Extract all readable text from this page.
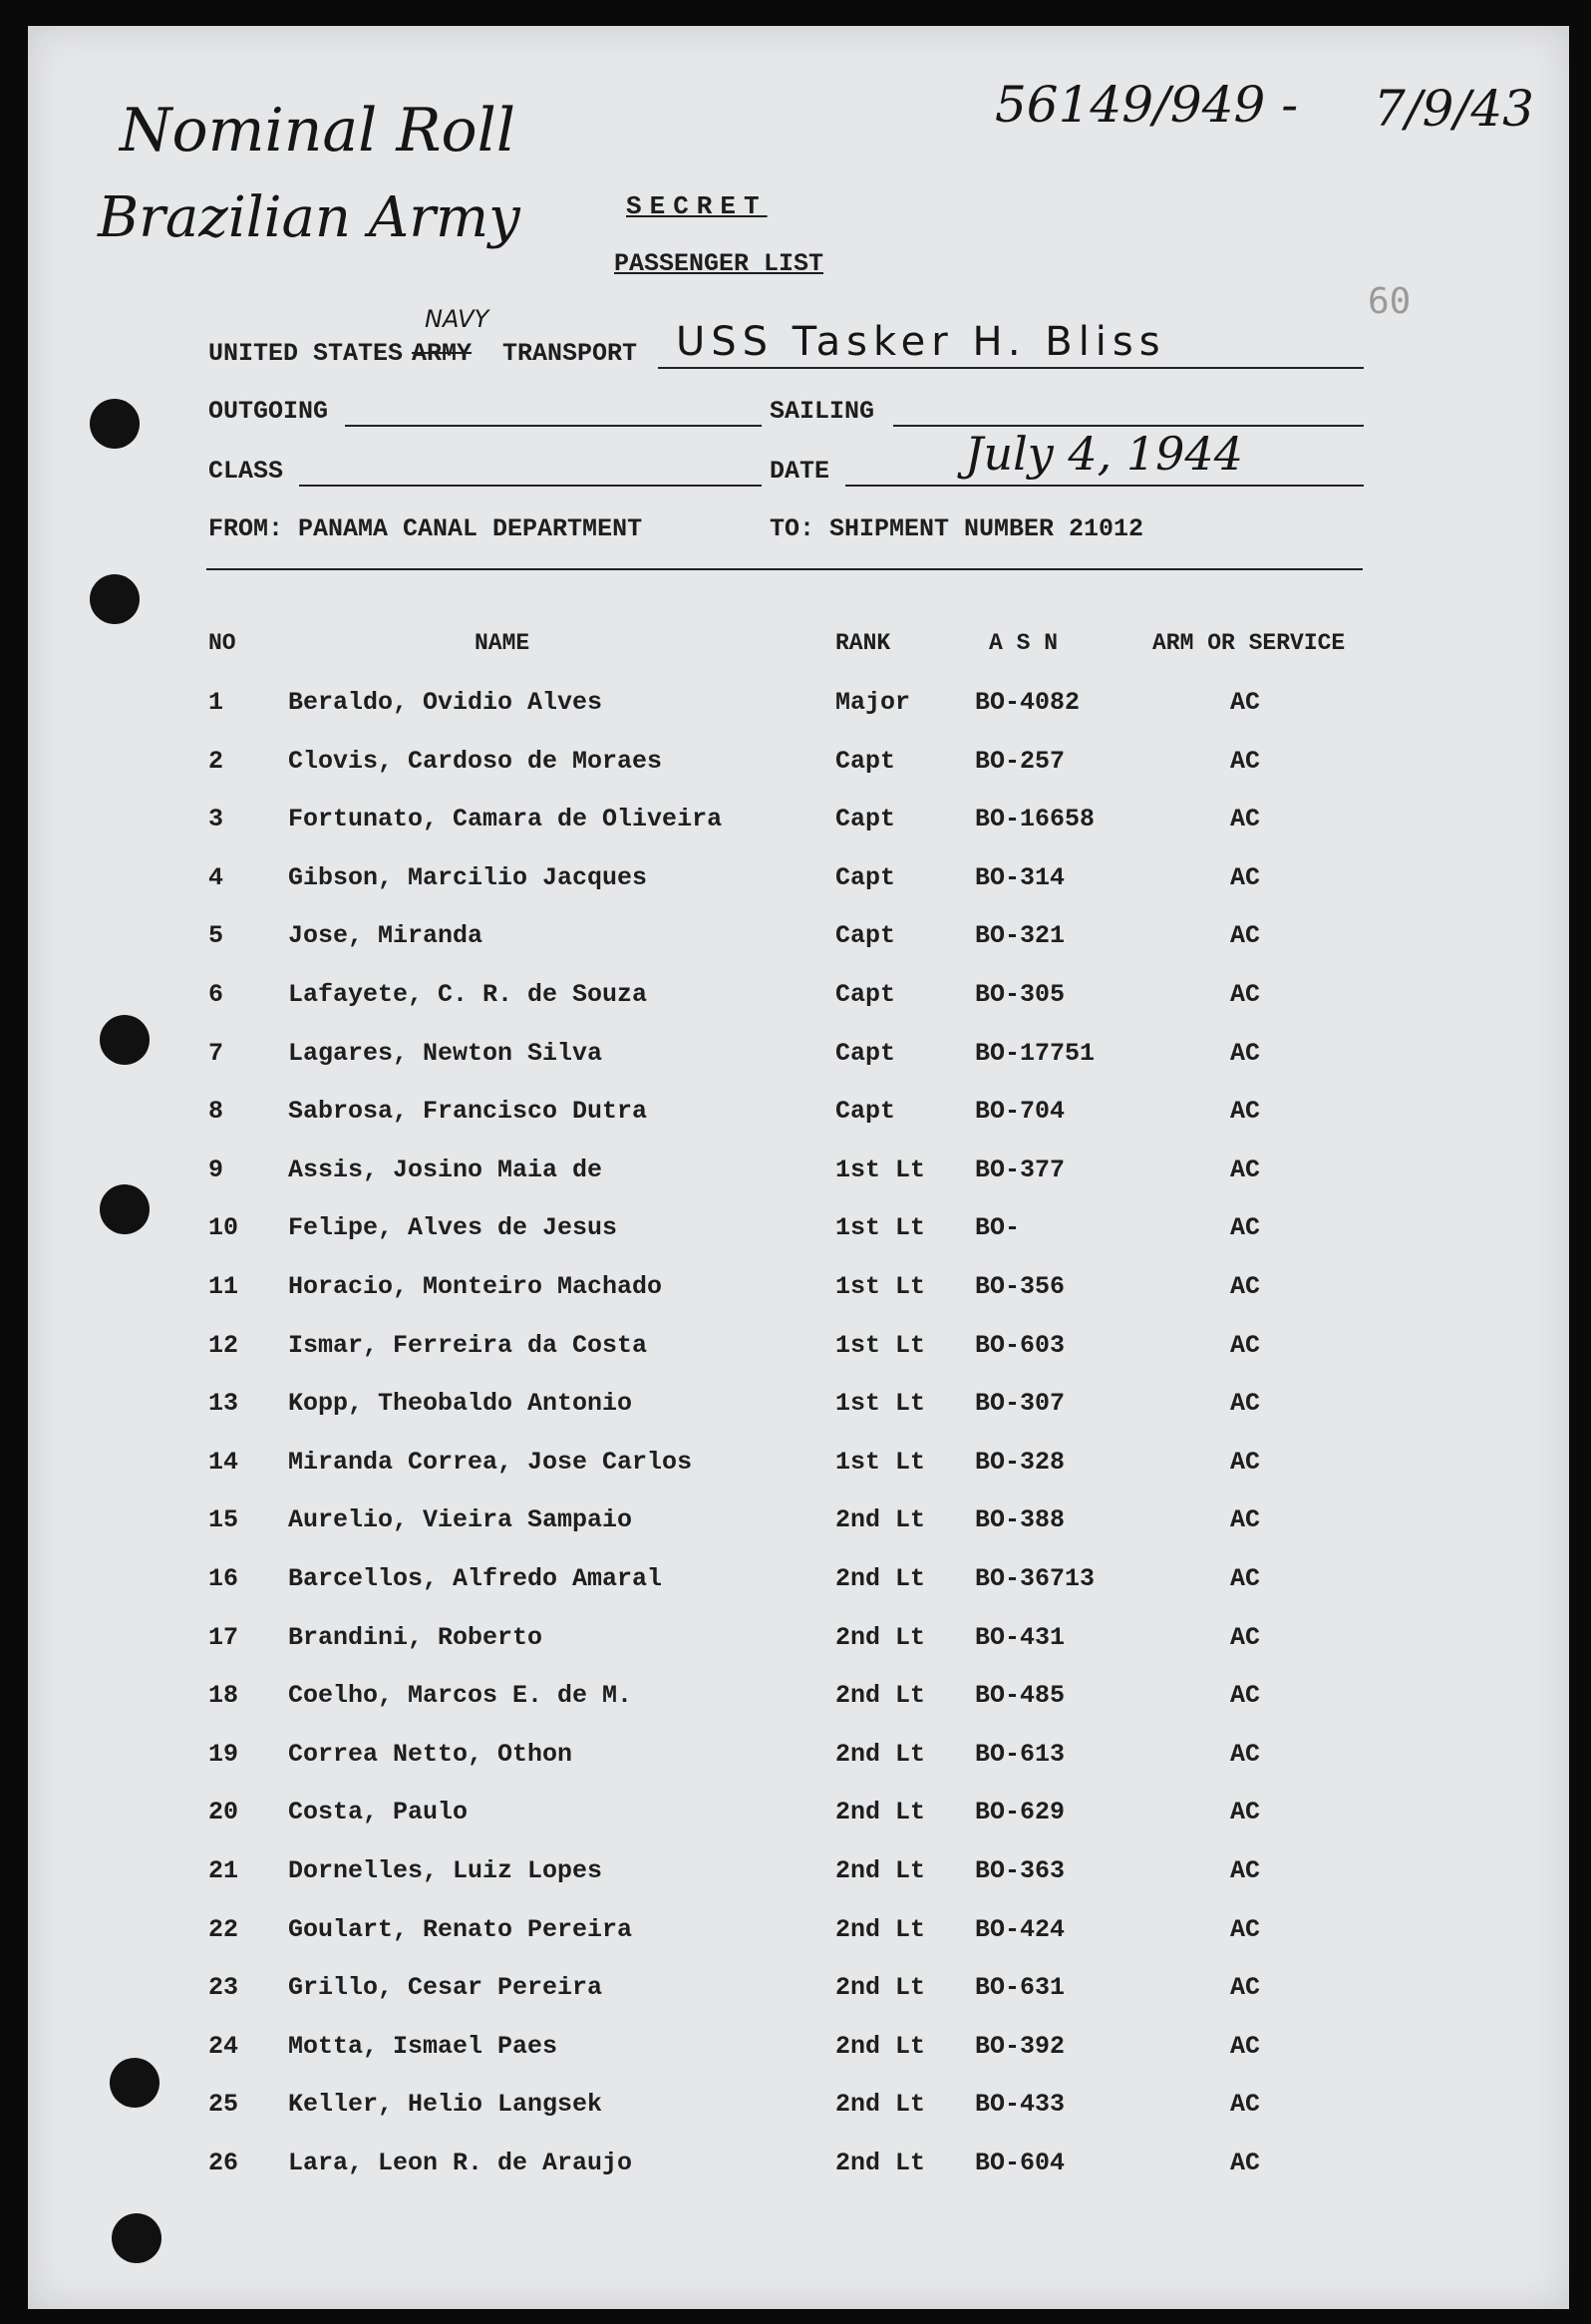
Nominal Roll
Brazilian Army
56149/949 - 7/9/43
SECRET
PASSENGER LIST
60
UNITED STATES ARMY
NAVY
TRANSPORT USS Tasker H. Bliss
OUTGOING	SAILING
CLASS	DATE	July 4, 1944
FROM: PANAMA CANAL DEPARTMENT	TO: SHIPMENT NUMBER 21012
NO	NAME	RANK	A S N	ARM OR SERVICE
1	Beraldo, Ovidio Alves	Major	BO-4082	AC
2	Clovis, Cardoso de Moraes	Capt	BO-257	AC
3	Fortunato, Camara de Oliveira	Capt	BO-16658	AC
4	Gibson, Marcilio Jacques	Capt	BO-314	AC
5	Jose, Miranda	Capt	BO-321	AC
6	Lafayete, C. R. de Souza	Capt	BO-305	AC
7	Lagares, Newton Silva	Capt	BO-17751	AC
8	Sabrosa, Francisco Dutra	Capt	BO-704	AC
9	Assis, Josino Maia de	1st Lt BO-377	AC
10 Felipe, Alves de Jesus	1st Lt BO-	AC
11 Horacio, Monteiro Machado	1st Lt BO-356	AC
12 Ismar, Ferreira da Costa	1st Lt BO-603	AC
13 Kopp, Theobaldo Antonio	1st Lt BO-307	AC
14 Miranda Correa, Jose Carlos	1st Lt BO-328	AC
15 Aurelio, Vieira Sampaio	2nd Lt BO-388	AC
16 Barcellos, Alfredo Amaral	2nd Lt BO-36713	AC
17 Brandini, Roberto	2nd Lt BO-431	AC
18 Coelho, Marcos E. de M.	2nd Lt BO-485	AC
19 Correa Netto, Othon	2nd Lt BO-613	AC
20 Costa, Paulo	2nd Lt BO-629	AC
21 Dornelles, Luiz Lopes	2nd Lt BO-363	AC
22 Goulart, Renato Pereira	2nd Lt BO-424	AC
23 Grillo, Cesar Pereira	2nd Lt BO-631	AC
24 Motta, Ismael Paes	2nd Lt BO-392	AC
25 Keller, Helio Langsek	2nd Lt BO-433	AC
26 Lara, Leon R. de Araujo	2nd Lt BO-604	AC
